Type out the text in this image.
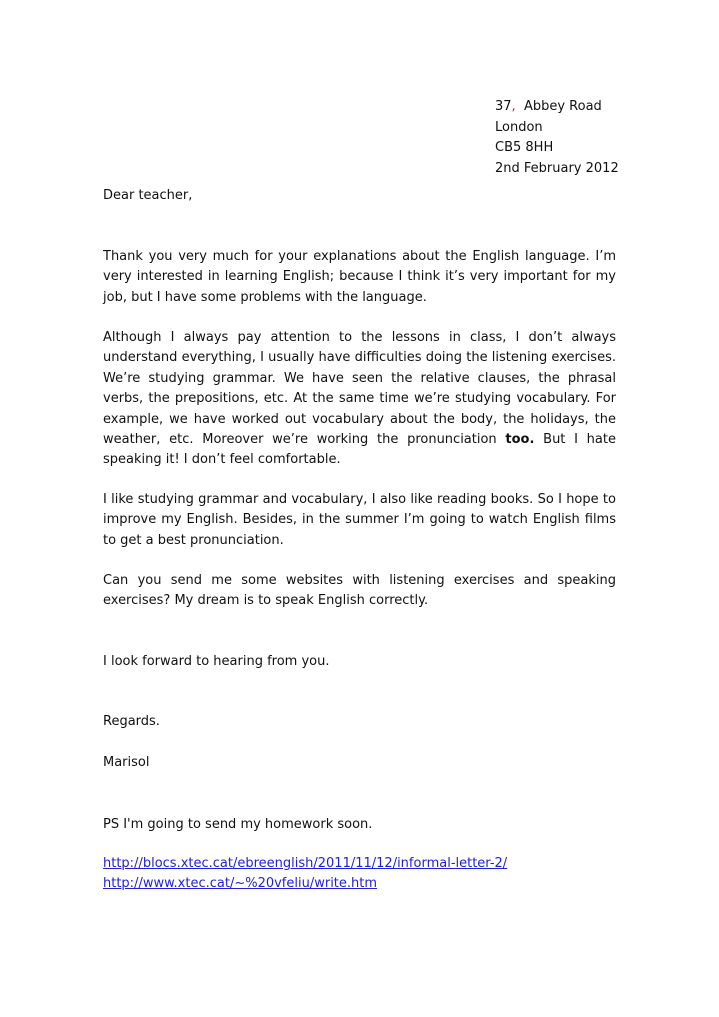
37, Abbey Road
London
CB5 8HH
2nd February 2012

Dear teacher,

Thank you very much for your explanations about the English language. I’m very interested in learning English; because I think it’s very important for my job, but I have some problems with the language.

Although I always pay attention to the lessons in class, I don’t always understand everything, I usually have difficulties doing the listening exercises. We’re studying grammar. We have seen the relative clauses, the phrasal verbs, the prepositions, etc. At the same time we’re studying vocabulary. For example, we have worked out vocabulary about the body, the holidays, the weather, etc. Moreover we’re working the pronunciation too. But I hate speaking it! I don’t feel comfortable.

I like studying grammar and vocabulary, I also like reading books. So I hope to improve my English. Besides, in the summer I’m going to watch English films to get a best pronunciation.

Can you send me some websites with listening exercises and speaking exercises? My dream is to speak English correctly.

I look forward to hearing from you.

Regards.

Marisol

PS I'm going to send my homework soon.

http://blocs.xtec.cat/ebreenglish/2011/11/12/informal-letter-2/
http://www.xtec.cat/~%20vfeliu/write.htm
